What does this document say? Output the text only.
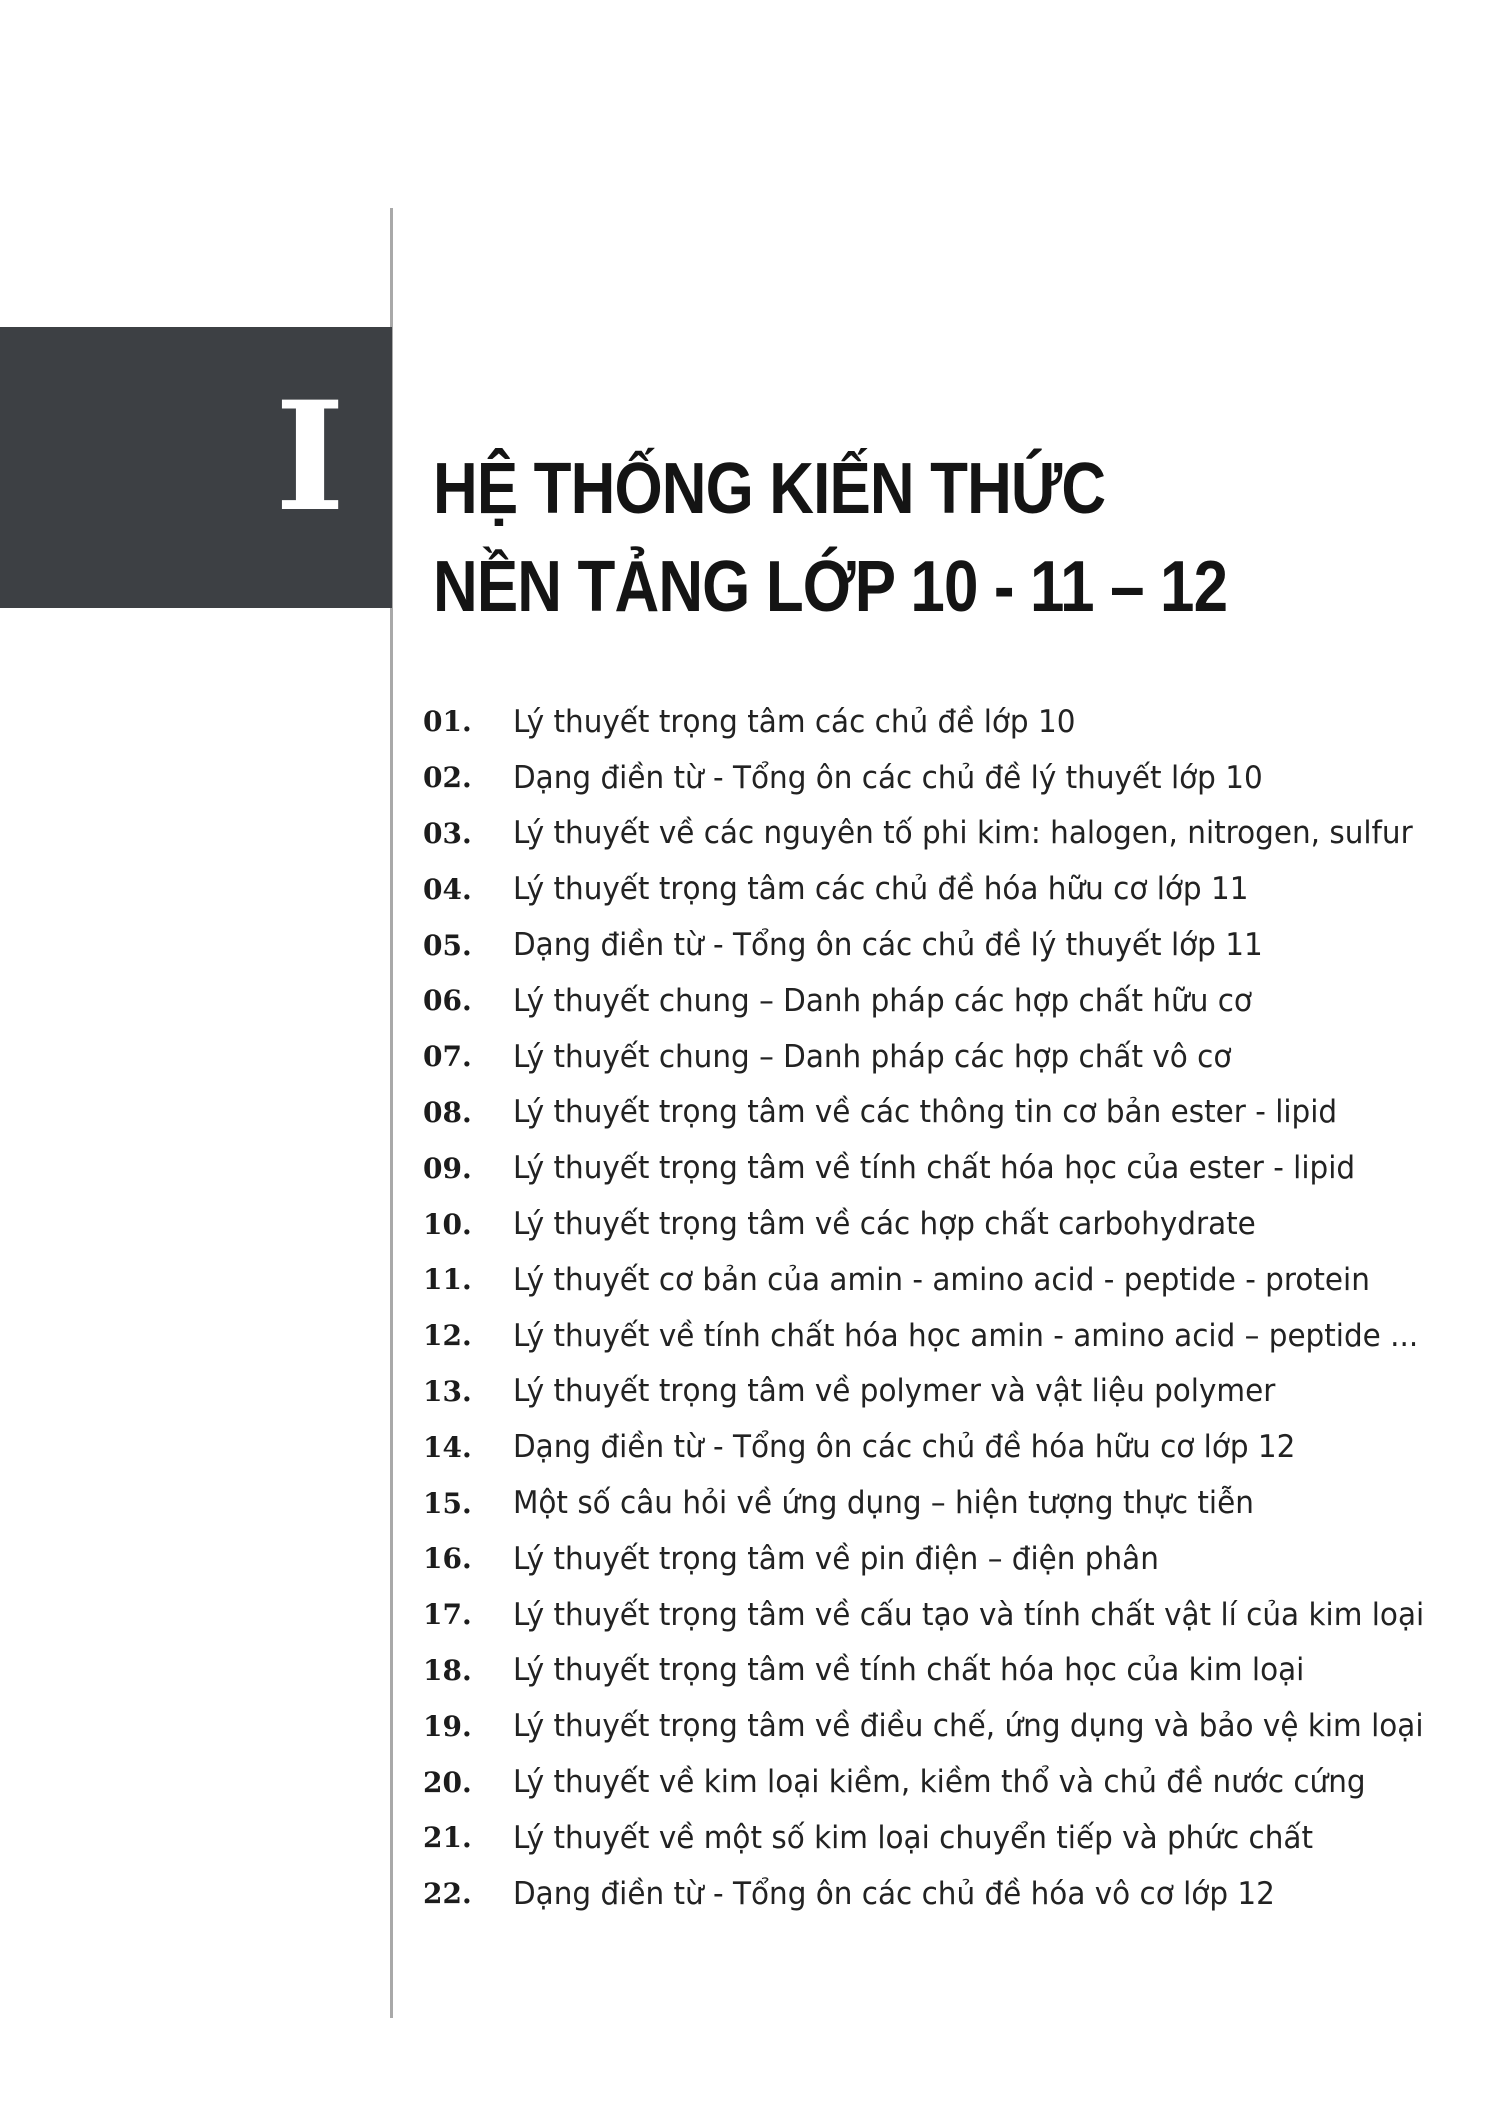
I HỆ THỐNG KIẾN THỨC
NỀN TẢNG LỚP 10 - 11 – 12
01.	Lý thuyết trọng tâm các chủ đề lớp 10
02.	Dạng điền từ - Tổng ôn các chủ đề lý thuyết lớp 10
03.	Lý thuyết về các nguyên tố phi kim: halogen, nitrogen, sulfur
04.	Lý thuyết trọng tâm các chủ đề hóa hữu cơ lớp 11
05.	Dạng điền từ - Tổng ôn các chủ đề lý thuyết lớp 11
06.	Lý thuyết chung – Danh pháp các hợp chất hữu cơ
07.	Lý thuyết chung – Danh pháp các hợp chất vô cơ
08.	Lý thuyết trọng tâm về các thông tin cơ bản ester - lipid
09.	Lý thuyết trọng tâm về tính chất hóa học của ester - lipid
10.	Lý thuyết trọng tâm về các hợp chất carbohydrate
11.	Lý thuyết cơ bản của amin - amino acid - peptide - protein
12.	Lý thuyết về tính chất hóa học amin - amino acid – peptide ...
13.	Lý thuyết trọng tâm về polymer và vật liệu polymer
14.	Dạng điền từ - Tổng ôn các chủ đề hóa hữu cơ lớp 12
15.	Một số câu hỏi về ứng dụng – hiện tượng thực tiễn
16.	Lý thuyết trọng tâm về pin điện – điện phân
17.	Lý thuyết trọng tâm về cấu tạo và tính chất vật lí của kim loại
18.	Lý thuyết trọng tâm về tính chất hóa học của kim loại
19.	Lý thuyết trọng tâm về điều chế, ứng dụng và bảo vệ kim loại
20.	Lý thuyết về kim loại kiềm, kiềm thổ và chủ đề nước cứng
21.	Lý thuyết về một số kim loại chuyển tiếp và phức chất
22.	Dạng điền từ - Tổng ôn các chủ đề hóa vô cơ lớp 12
